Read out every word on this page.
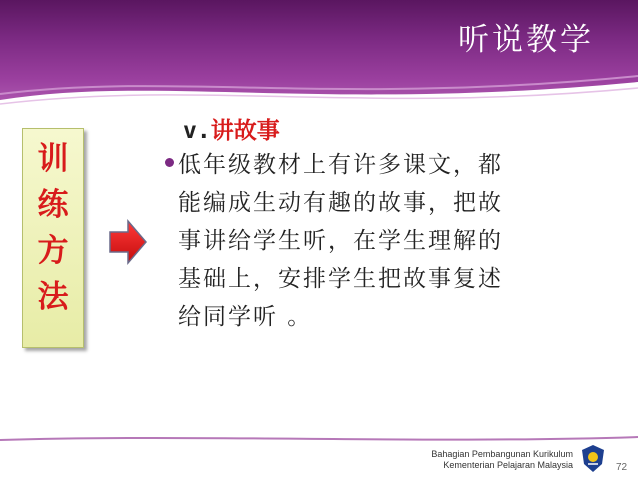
听说教学
训
练
方
法
v.讲故事
低年级教材上有许多课文，都
能编成生动有趣的故事，把故
事讲给学生听，在学生理解的
基础上，安排学生把故事复述
给同学听 。
Bahagian Pembangunan Kurikulum
Kementerian Pelajaran Malaysia	72
